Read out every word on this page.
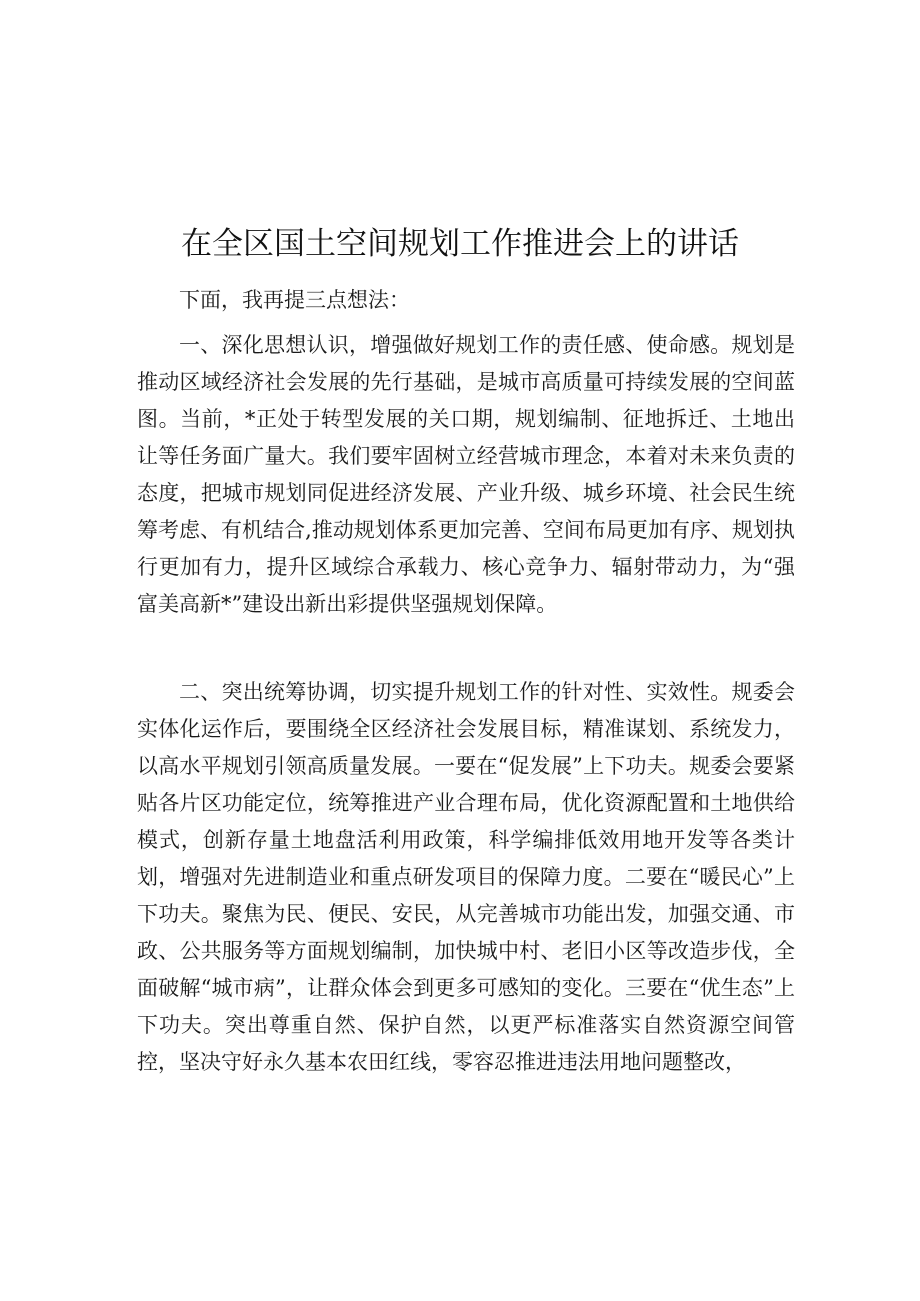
在全区国土空间规划工作推进会上的讲话

下面，我再提三点想法：

一、深化思想认识，增强做好规划工作的责任感、使命感。规划是推动区域经济社会发展的先行基础，是城市高质量可持续发展的空间蓝图。当前，*正处于转型发展的关口期，规划编制、征地拆迁、土地出让等任务面广量大。我们要牢固树立经营城市理念，本着对未来负责的态度，把城市规划同促进经济发展、产业升级、城乡环境、社会民生统筹考虑、有机结合,推动规划体系更加完善、空间布局更加有序、规划执行更加有力，提升区域综合承载力、核心竞争力、辐射带动力，为“强富美高新*”建设出新出彩提供坚强规划保障。

二、突出统筹协调，切实提升规划工作的针对性、实效性。规委会实体化运作后，要围绕全区经济社会发展目标，精准谋划、系统发力，以高水平规划引领高质量发展。一要在“促发展”上下功夫。规委会要紧贴各片区功能定位，统筹推进产业合理布局，优化资源配置和土地供给模式，创新存量土地盘活利用政策，科学编排低效用地开发等各类计划，增强对先进制造业和重点研发项目的保障力度。二要在“暖民心”上下功夫。聚焦为民、便民、安民，从完善城市功能出发，加强交通、市政、公共服务等方面规划编制，加快城中村、老旧小区等改造步伐，全面破解“城市病”，让群众体会到更多可感知的变化。三要在“优生态”上下功夫。突出尊重自然、保护自然，以更严标准落实自然资源空间管控，坚决守好永久基本农田红线，零容忍推进违法用地问题整改，
